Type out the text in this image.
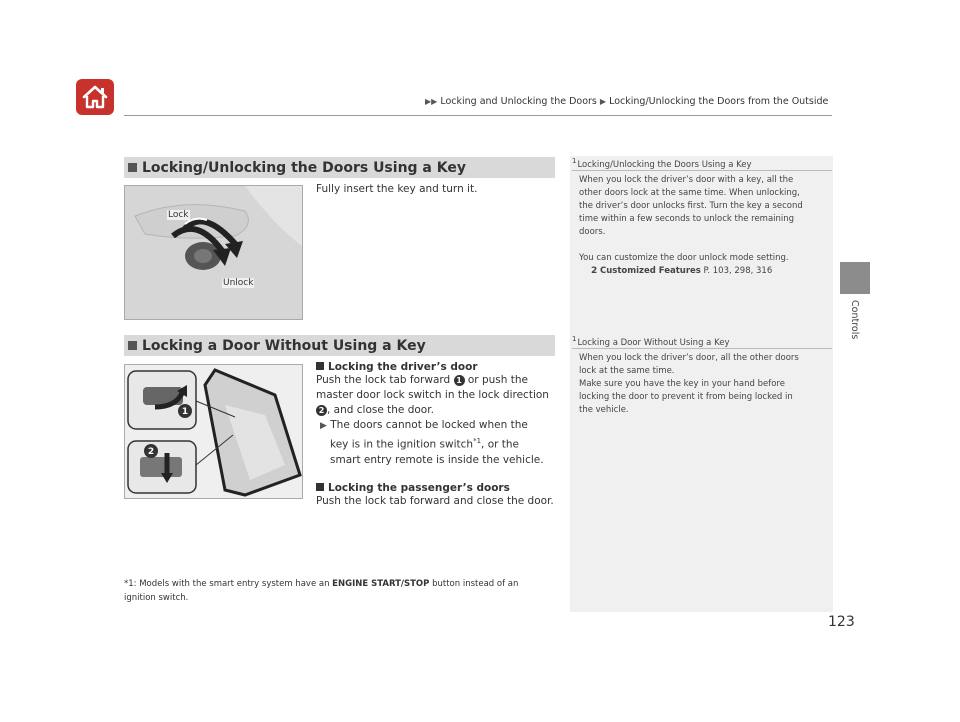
▶▶ Locking and Unlocking the Doors ▶ Locking/Unlocking the Doors from the Outside
Controls
Locking/Unlocking the Doors Using a Key
Lock
Unlock
Fully insert the key and turn it.
$^1$Locking/Unlocking the Doors Using a Key
When you lock the driver’s door with a key, all the
other doors lock at the same time. When unlocking,
the driver’s door unlocks first. Turn the key a second
time within a few seconds to unlock the remaining
doors.
You can customize the door unlock mode setting.
2 Customized Features P. 103, 298, 316
Locking a Door Without Using a Key
1
2
Locking the driver’s door
Push the lock tab forward 1 or push the
master door lock switch in the lock direction
2 , and close the door.
▶ The doors cannot be locked when the
key is in the ignition switch$^{*1}$, or the
smart entry remote is inside the vehicle.
Locking the passenger’s doors
Push the lock tab forward and close the door.
$^1$Locking a Door Without Using a Key
When you lock the driver’s door, all the other doors
lock at the same time.
Make sure you have the key in your hand before
locking the door to prevent it from being locked in
the vehicle.
*1: Models with the smart entry system have an ENGINE START/STOP button instead of an
ignition switch.
123
